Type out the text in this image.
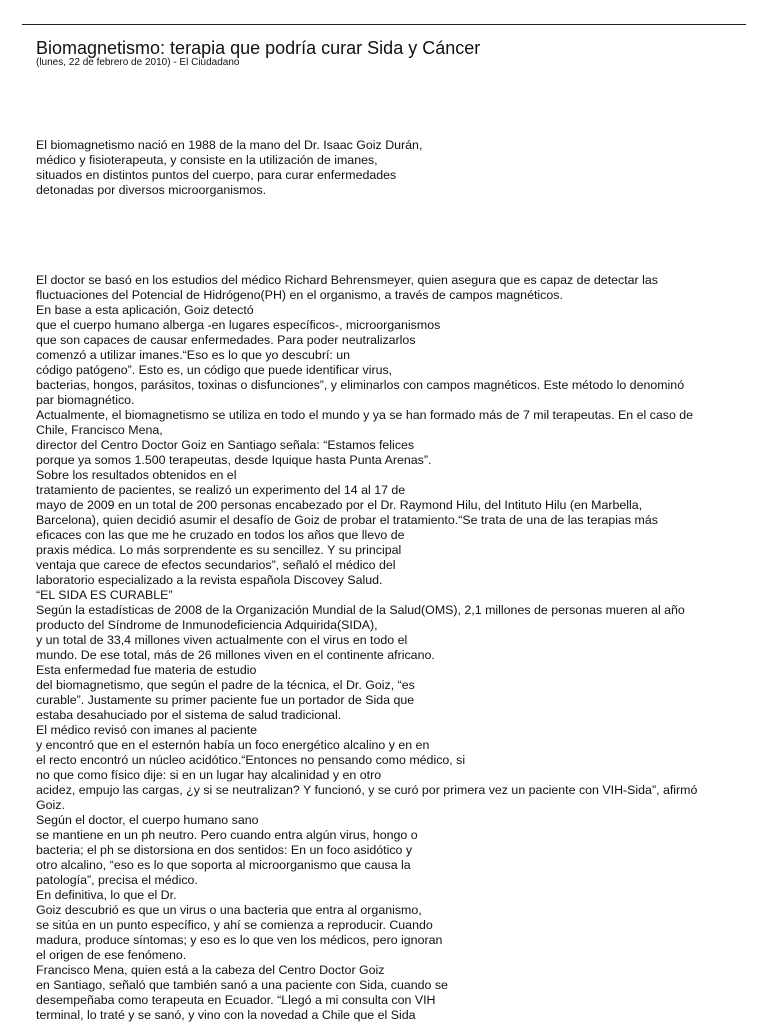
Biomagnetismo: terapia que podría curar Sida y Cáncer
(lunes, 22 de febrero de 2010) - El Ciudadano

El biomagnetismo nació en 1988 de la mano del Dr. Isaac Goiz Durán,
médico y fisioterapeuta, y consiste en la utilización de imanes,
situados en distintos puntos del cuerpo, para curar enfermedades
detonadas por diversos microorganismos.

El doctor se basó en los estudios del médico Richard Behrensmeyer, quien asegura que es capaz de detectar las
fluctuaciones del Potencial de Hidrógeno(PH) en el organismo, a través de campos magnéticos.
En base a esta aplicación, Goiz detectó
que el cuerpo humano alberga -en lugares específicos-, microorganismos
que son capaces de causar enfermedades. Para poder neutralizarlos
comenzó a utilizar imanes.“Eso es lo que yo descubrí: un
código patógeno”. Esto es, un código que puede identificar virus,
bacterias, hongos, parásitos, toxinas o disfunciones”, y eliminarlos con campos magnéticos. Este método lo denominó
par biomagnético.
Actualmente, el biomagnetismo se utiliza en todo el mundo y ya se han formado más de 7 mil terapeutas. En el caso de
Chile, Francisco Mena,
director del Centro Doctor Goiz en Santiago señala: “Estamos felices
porque ya somos 1.500 terapeutas, desde Iquique hasta Punta Arenas”.
Sobre los resultados obtenidos en el
tratamiento de pacientes, se realizó un experimento del 14 al 17 de
mayo de 2009 en un total de 200 personas encabezado por el Dr. Raymond Hilu, del Intituto Hilu (en Marbella,
Barcelona), quien decidió asumir el desafío de Goiz de probar el tratamiento.“Se trata de una de las terapias más
eficaces con las que me he cruzado en todos los años que llevo de
praxis médica. Lo más sorprendente es su sencillez. Y su principal
ventaja que carece de efectos secundarios”, señaló el médico del
laboratorio especializado a la revista española Discovey Salud.
“EL SIDA ES CURABLE”
Según la estadísticas de 2008 de la Organización Mundial de la Salud(OMS), 2,1 millones de personas mueren al año
producto del Síndrome de Inmunodeficiencia Adquirida(SIDA),
y un total de 33,4 millones viven actualmente con el virus en todo el
mundo. De ese total, más de 26 millones viven en el continente africano.
Esta enfermedad fue materia de estudio
del biomagnetismo, que según el padre de la técnica, el Dr. Goiz, “es
curable”. Justamente su primer paciente fue un portador de Sida que
estaba desahuciado por el sistema de salud tradicional.
El médico revisó con imanes al paciente
y encontró que en el esternón había un foco energético alcalino y en en
el recto encontró un núcleo acidótico.“Entonces no pensando como médico, si
no que como físico dije: si en un lugar hay alcalinidad y en otro
acidez, empujo las cargas, ¿y si se neutralizan? Y funcionó, y se curó por primera vez un paciente con VIH-Sida”, afirmó
Goiz.
Según el doctor, el cuerpo humano sano
se mantiene en un ph neutro. Pero cuando entra algún virus, hongo o
bacteria; el ph se distorsiona en dos sentidos: En un foco asidótico y
otro alcalino, “eso es lo que soporta al microorganismo que causa la
patología”, precisa el médico.
En definitiva, lo que el Dr.
Goiz descubrió es que un virus o una bacteria que entra al organismo,
se sitúa en un punto específico, y ahí se comienza a reproducir. Cuando
madura, produce síntomas; y eso es lo que ven los médicos, pero ignoran
el origen de ese fenómeno.
Francisco Mena, quien está a la cabeza del Centro Doctor Goiz
en Santiago, señaló que también sanó a una paciente con Sida, cuando se
desempeñaba como terapeuta en Ecuador. “Llegó a mi consulta con VIH
terminal, lo traté y se sanó, y vino con la novedad a Chile que el Sida
